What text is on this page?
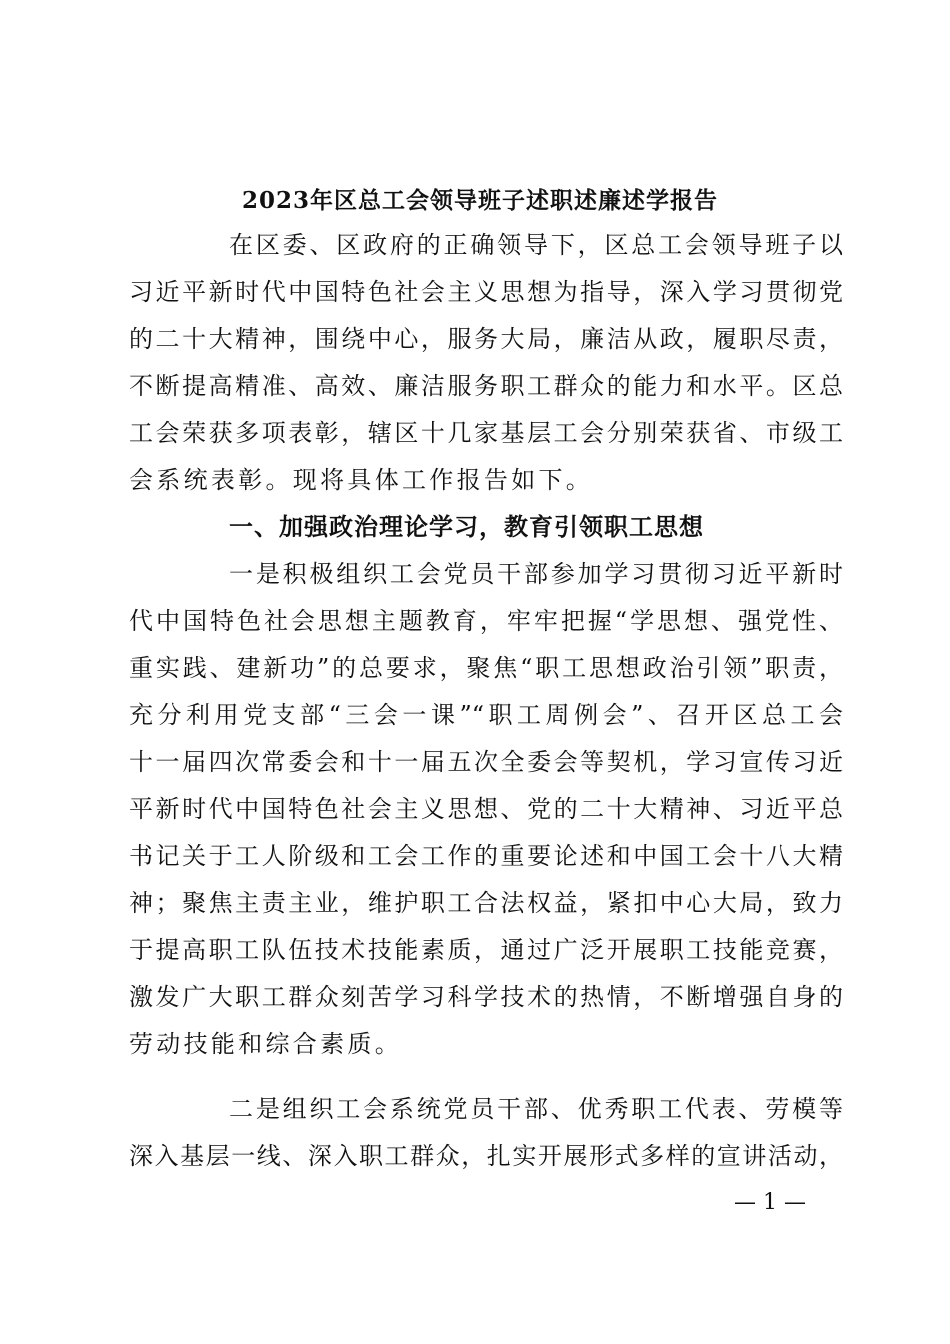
2023年区总工会领导班子述职述廉述学报告
在区委、区政府的正确领导下，区总工会领导班子以
习近平新时代中国特色社会主义思想为指导，深入学习贯彻党
的二十大精神，围绕中心，服务大局，廉洁从政，履职尽责，
不断提高精准、高效、廉洁服务职工群众的能力和水平。区总
工会荣获多项表彰，辖区十几家基层工会分别荣获省、市级工
会系统表彰。现将具体工作报告如下。
一、加强政治理论学习，教育引领职工思想
一是积极组织工会党员干部参加学习贯彻习近平新时
代中国特色社会思想主题教育，牢牢把握“学思想、强党性、
重实践、建新功”的总要求，聚焦“职工思想政治引领”职责，
充分利用党支部“三会一课”“职工周例会”、召开区总工会
十一届四次常委会和十一届五次全委会等契机，学习宣传习近
平新时代中国特色社会主义思想、党的二十大精神、习近平总
书记关于工人阶级和工会工作的重要论述和中国工会十八大精
神；聚焦主责主业，维护职工合法权益，紧扣中心大局，致力
于提高职工队伍技术技能素质，通过广泛开展职工技能竞赛，
激发广大职工群众刻苦学习科学技术的热情，不断增强自身的
劳动技能和综合素质。
二是组织工会系统党员干部、优秀职工代表、劳模等
深入基层一线、深入职工群众，扎实开展形式多样的宣讲活动，
— 1 —
